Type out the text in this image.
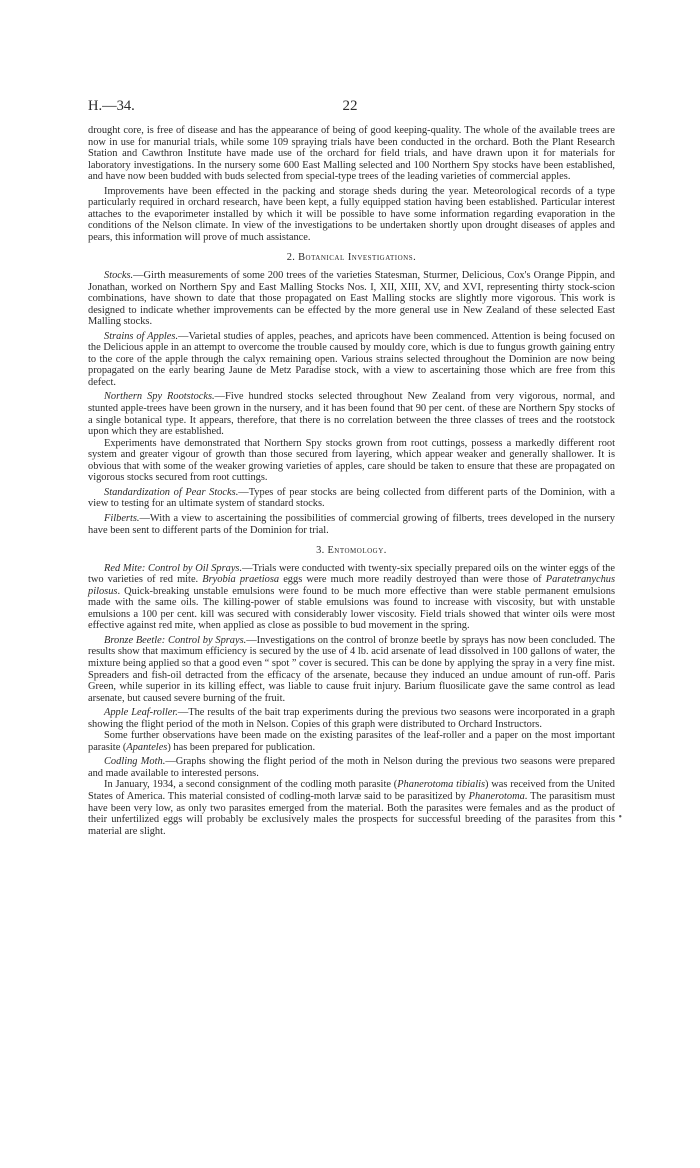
H.—34.	22

drought core, is free of disease and has the appearance of being of good keeping-quality. The whole of the available trees are now in use for manurial trials, while some 109 spraying trials have been conducted in the orchard. Both the Plant Research Station and Cawthron Institute have made use of the orchard for field trials, and have drawn upon it for materials for laboratory investigations. In the nursery some 600 East Malling selected and 100 Northern Spy stocks have been established, and have now been budded with buds selected from special-type trees of the leading varieties of commercial apples.

Improvements have been effected in the packing and storage sheds during the year. Meteorological records of a type particularly required in orchard research, have been kept, a fully equipped station having been established. Particular interest attaches to the evaporimeter installed by which it will be possible to have some information regarding evaporation in the conditions of the Nelson climate. In view of the investigations to be undertaken shortly upon drought diseases of apples and pears, this information will prove of much assistance.

2. Botanical Investigations.

Stocks.—Girth measurements of some 200 trees of the varieties Statesman, Sturmer, Delicious, Cox's Orange Pippin, and Jonathan, worked on Northern Spy and East Malling Stocks Nos. I, XII, XIII, XV, and XVI, representing thirty stock-scion combinations, have shown to date that those propagated on East Malling stocks are slightly more vigorous. This work is designed to indicate whether improvements can be effected by the more general use in New Zealand of these selected East Malling stocks.

Strains of Apples.—Varietal studies of apples, peaches, and apricots have been commenced. Attention is being focused on the Delicious apple in an attempt to overcome the trouble caused by mouldy core, which is due to fungus growth gaining entry to the core of the apple through the calyx remaining open. Various strains selected throughout the Dominion are now being propagated on the early bearing Jaune de Metz Paradise stock, with a view to ascertaining those which are free from this defect.

Northern Spy Rootstocks.—Five hundred stocks selected throughout New Zealand from very vigorous, normal, and stunted apple-trees have been grown in the nursery, and it has been found that 90 per cent. of these are Northern Spy stocks of a single botanical type. It appears, therefore, that there is no correlation between the three classes of trees and the rootstock upon which they are established.

Experiments have demonstrated that Northern Spy stocks grown from root cuttings, possess a markedly different root system and greater vigour of growth than those secured from layering, which appear weaker and generally shallower. It is obvious that with some of the weaker growing varieties of apples, care should be taken to ensure that these are propagated on vigorous stocks secured from root cuttings.

Standardization of Pear Stocks.—Types of pear stocks are being collected from different parts of the Dominion, with a view to testing for an ultimate system of standard stocks.

Filberts.—With a view to ascertaining the possibilities of commercial growing of filberts, trees developed in the nursery have been sent to different parts of the Dominion for trial.

3. Entomology.

Red Mite: Control by Oil Sprays.—Trials were conducted with twenty-six specially prepared oils on the winter eggs of the two varieties of red mite. Bryobia praetiosa eggs were much more readily destroyed than were those of Paratetranychus pilosus. Quick-breaking unstable emulsions were found to be much more effective than were stable permanent emulsions made with the same oils. The killing-power of stable emulsions was found to increase with viscosity, but with unstable emulsions a 100 per cent. kill was secured with considerably lower viscosity. Field trials showed that winter oils were most effective against red mite, when applied as close as possible to bud movement in the spring.

Bronze Beetle: Control by Sprays.—Investigations on the control of bronze beetle by sprays has now been concluded. The results show that maximum efficiency is secured by the use of 4 lb. acid arsenate of lead dissolved in 100 gallons of water, the mixture being applied so that a good even “ spot ” cover is secured. This can be done by applying the spray in a very fine mist. Spreaders and fish-oil detracted from the efficacy of the arsenate, because they induced an undue amount of run-off. Paris Green, while superior in its killing effect, was liable to cause fruit injury. Barium fluosilicate gave the same control as lead arsenate, but caused severe burning of the fruit.

Apple Leaf-roller.—The results of the bait trap experiments during the previous two seasons were incorporated in a graph showing the flight period of the moth in Nelson. Copies of this graph were distributed to Orchard Instructors.

Some further observations have been made on the existing parasites of the leaf-roller and a paper on the most important parasite (Apanteles) has been prepared for publication.

Codling Moth.—Graphs showing the flight period of the moth in Nelson during the previous two seasons were prepared and made available to interested persons.

In January, 1934, a second consignment of the codling moth parasite (Phanerotoma tibialis) was received from the United States of America. This material consisted of codling-moth larvæ said to be parasitized by Phanerotoma. The parasitism must have been very low, as only two parasites emerged from the material. Both the parasites were females and as the product of their unfertilized eggs will probably be exclusively males the prospects for successful breeding of the parasites from this material are slight.

•
